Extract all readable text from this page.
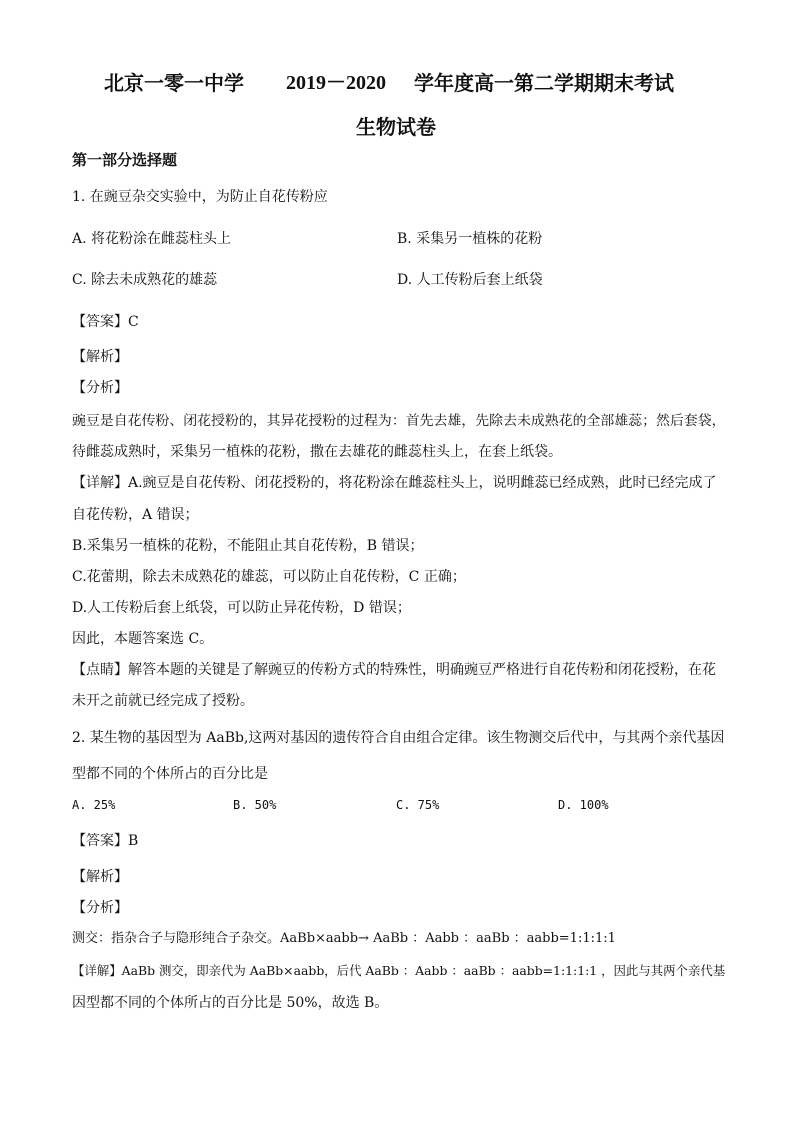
北京一零一中学 2019－2020 学年度高一第二学期期末考试
生物试卷
第一部分选择题
1. 在豌豆杂交实验中，为防止自花传粉应
A. 将花粉涂在雌蕊柱头上	B. 采集另一植株的花粉
C. 除去未成熟花的雄蕊	D. 人工传粉后套上纸袋
【答案】C
【解析】
【分析】
豌豆是自花传粉、闭花授粉的，其异花授粉的过程为：首先去雄，先除去未成熟花的全部雄蕊；然后套袋，
待雌蕊成熟时，采集另一植株的花粉，撒在去雄花的雌蕊柱头上，在套上纸袋。
【详解】A.豌豆是自花传粉、闭花授粉的，将花粉涂在雌蕊柱头上，说明雌蕊已经成熟，此时已经完成了
自花传粉，A 错误；
B.采集另一植株的花粉，不能阻止其自花传粉，B 错误；
C.花蕾期，除去未成熟花的雄蕊，可以防止自花传粉，C 正确；
D.人工传粉后套上纸袋，可以防止异花传粉，D 错误；
因此，本题答案选 C。
【点睛】解答本题的关键是了解豌豆的传粉方式的特殊性，明确豌豆严格进行自花传粉和闭花授粉，在花
未开之前就已经完成了授粉。
2. 某生物的基因型为 AaBb,这两对基因的遗传符合自由组合定律。该生物测交后代中，与其两个亲代基因
型都不同的个体所占的百分比是
A. 25%	B. 50%	C. 75%	D. 100%
【答案】B
【解析】
【分析】
测交：指杂合子与隐形纯合子杂交。AaBb×aabb→ AaBb ：Aabb ：aaBb ：aabb=1:1:1:1
【详解】AaBb 测交，即亲代为 AaBb×aabb，后代 AaBb ：Aabb ：aaBb ：aabb=1:1:1:1 ，因此与其两个亲代基
因型都不同的个体所占的百分比是 50%，故选 B。
